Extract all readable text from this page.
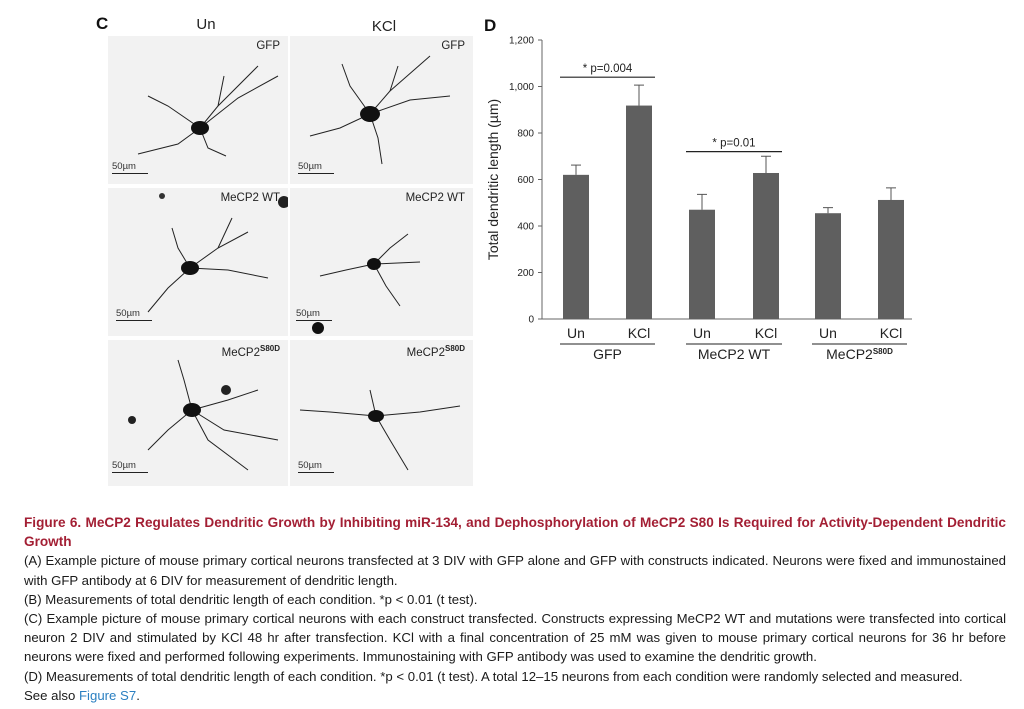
C	Un	KCl
GFP
50µm
GFP
50µm
MeCP2 WT
50µm
MeCP2 WT
50µm
$MeCP2^{S80D}$
50µm
$MeCP2^{S80D}$
50µm
D
0
200
400
600
800
1,000
1,200
Total dendritic length (µm)
Un	KCl	Un	KCl	Un	KCl
GFP	MeCP2 WT	$MeCP2^{S80D}$
* p=0.004
* p=0.01

Figure 6. MeCP2 Regulates Dendritic Growth by Inhibiting miR-134, and Dephosphorylation of MeCP2 S80 Is Required for Activity-Dependent Dendritic Growth

(A) Example picture of mouse primary cortical neurons transfected at 3 DIV with GFP alone and GFP with constructs indicated. Neurons were fixed and immunostained with GFP antibody at 6 DIV for measurement of dendritic length.

(B) Measurements of total dendritic length of each condition. *p < 0.01 (t test).

(C) Example picture of mouse primary cortical neurons with each construct transfected. Constructs expressing MeCP2 WT and mutations were transfected into cortical neuron 2 DIV and stimulated by KCl 48 hr after transfection. KCl with a final concentration of 25 mM was given to mouse primary cortical neurons for 36 hr before neurons were fixed and performed following experiments. Immunostaining with GFP antibody was used to examine the dendritic growth.

(D) Measurements of total dendritic length of each condition. *p < 0.01 (t test). A total 12–15 neurons from each condition were randomly selected and measured.

See also Figure S7.
